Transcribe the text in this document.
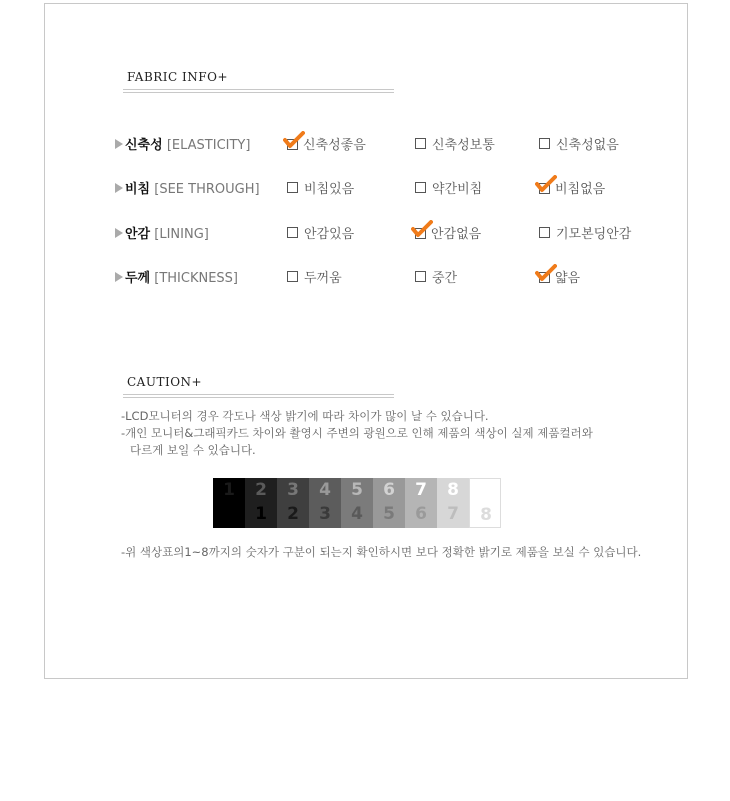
FABRIC INFO+
신축성 [ELASTICITY]	신축성좋음	신축성보통	신축성없음
비침 [SEE THROUGH]	비침있음	약간비침	비침없음
안감 [LINING]	안감있음	안감없음	기모본딩안감
두께 [THICKNESS]	두꺼움	중간	얇음
CAUTION+
-LCD모니터의 경우 각도나 색상 밝기에 따라 차이가 많이 날 수 있습니다.
-개인 모니터&그래픽카드 차이와 촬영시 주변의 광원으로 인해 제품의 색상이 실제 제품컬러와
다르게 보일 수 있습니다.
1	2
1
3
2
4
3
5
4
6
5
7
6
8
7	8
-위 색상표의1~8까지의 숫자가 구분이 되는지 확인하시면 보다 정확한 밝기로 제품을 보실 수 있습니다.
